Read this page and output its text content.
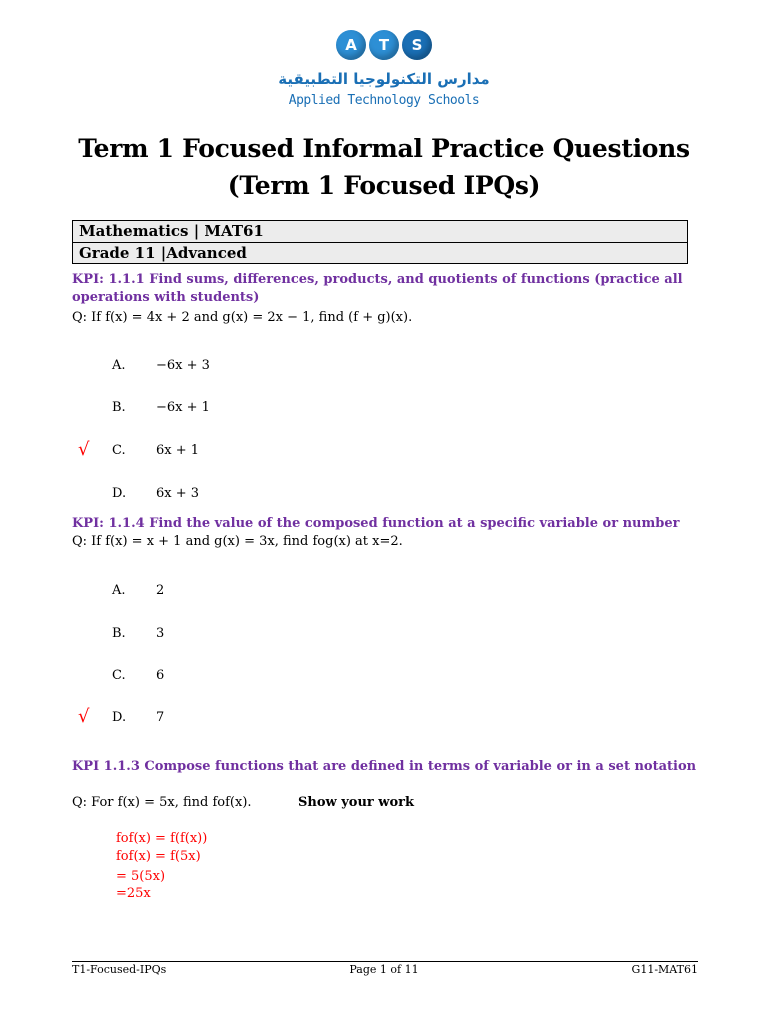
A	T	S
مدارس التكنولوجيا التطبيقية
Applied Technology Schools
Term 1 Focused Informal Practice Questions
(Term 1 Focused IPQs)
Mathematics | MAT61
Grade 11 |Advanced
KPI: 1.1.1 Find sums, differences, products, and quotients of functions (practice all
operations with students)
Q: If f(x) = 4x + 2 and g(x) = 2x − 1, find (f + g)(x).
A. −6x + 3
B. −6x + 1
√ C. 6x + 1
D. 6x + 3
KPI: 1.1.4 Find the value of the composed function at a specific variable or number
Q: If f(x) = x + 1 and g(x) = 3x, find fog(x) at x=2.
A. 2
B. 3
C. 6
√ D. 7
KPI 1.1.3 Compose functions that are defined in terms of variable or in a set notation
Q: For f(x) = 5x, find fof(x).	Show your work
fof(x) = f(f(x))
fof(x) = f(5x)
= 5(5x)
=25x
T1-Focused-IPQs	Page 1 of 11	G11-MAT61
